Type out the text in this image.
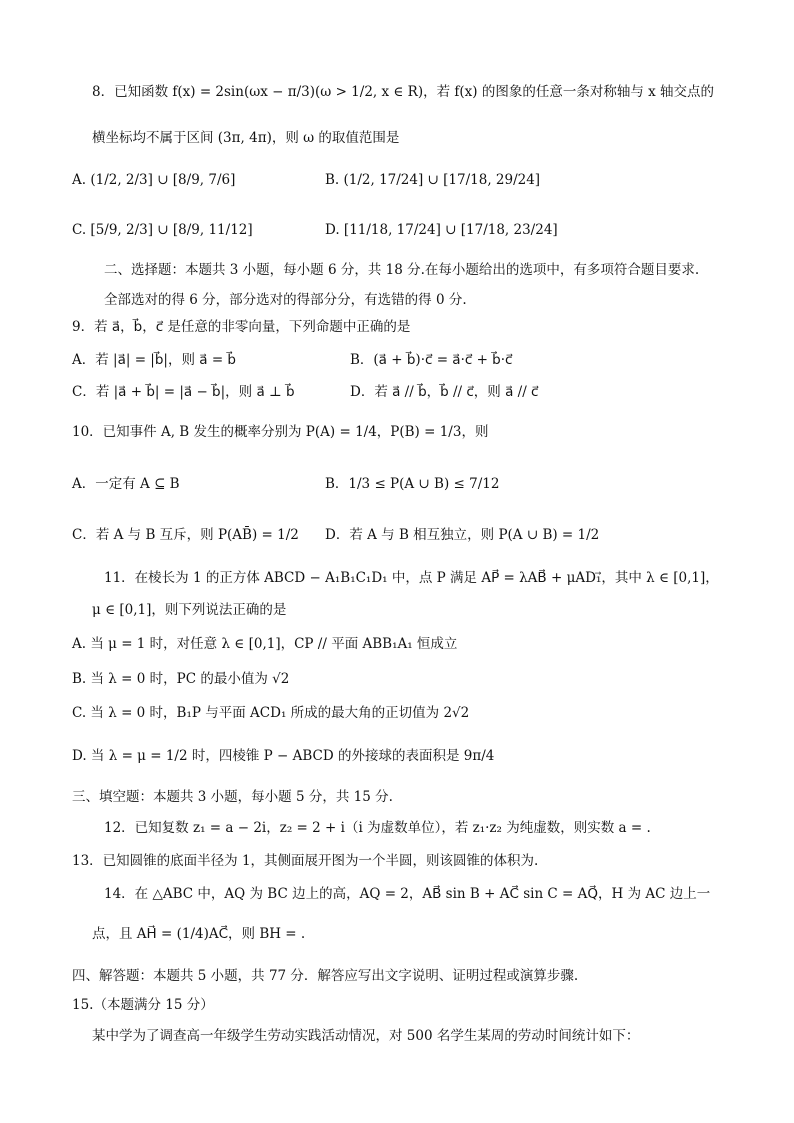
8．已知函数 f(x) = 2sin(ωx − π/3)(ω > 1/2, x ∈ R)，若 f(x) 的图象的任意一条对称轴与 x 轴交点的
横坐标均不属于区间 (3π, 4π)，则 ω 的取值范围是
A. (1/2, 2/3] ∪ [8/9, 7/6]	B. (1/2, 17/24] ∪ [17/18, 29/24]
C. [5/9, 2/3] ∪ [8/9, 11/12]	D. [11/18, 17/24] ∪ [17/18, 23/24]
二、选择题：本题共 3 小题，每小题 6 分，共 18 分.在每小题给出的选项中，有多项符合题目要求.
全部选对的得 6 分，部分选对的得部分分，有选错的得 0 分.
9．若 a⃗，b⃗，c⃗ 是任意的非零向量，下列命题中正确的是
A．若 |a⃗| = |b⃗|，则 a⃗ = b⃗	B．(a⃗ + b⃗)·c⃗ = a⃗·c⃗ + b⃗·c⃗
C．若 |a⃗ + b⃗| = |a⃗ − b⃗|，则 a⃗ ⊥ b⃗	D．若 a⃗ // b⃗，b⃗ // c⃗，则 a⃗ // c⃗
10．已知事件 A, B 发生的概率分别为 P(A) = 1/4，P(B) = 1/3，则
A．一定有 A ⊆ B	B．1/3 ≤ P(A ∪ B) ≤ 7/12
C．若 A 与 B 互斥，则 P(AB̄) = 1/2 D．若 A 与 B 相互独立，则 P(A ∪ B) = 1/2
11．在棱长为 1 的正方体 ABCD − A₁B₁C₁D₁ 中，点 P 满足 AP⃗ = λAB⃗ + μAD₁⃗，其中 λ ∈ [0,1]，
μ ∈ [0,1]，则下列说法正确的是
A. 当 μ = 1 时，对任意 λ ∈ [0,1]，CP // 平面 ABB₁A₁ 恒成立
B. 当 λ = 0 时，PC 的最小值为 √2
C. 当 λ = 0 时，B₁P 与平面 ACD₁ 所成的最大角的正切值为 2√2
D. 当 λ = μ = 1/2 时，四棱锥 P − ABCD 的外接球的表面积是 9π/4
三、填空题：本题共 3 小题，每小题 5 分，共 15 分.
12．已知复数 z₁ = a − 2i，z₂ = 2 + i（i 为虚数单位），若 z₁·z₂ 为纯虚数，则实数 a = .
13．已知圆锥的底面半径为 1，其侧面展开图为一个半圆，则该圆锥的体积为.
14．在 △ABC 中，AQ 为 BC 边上的高，AQ = 2，AB⃗ sin B + AC⃗ sin C = AQ⃗，H 为 AC 边上一
点，且 AH⃗ = (1/4)AC⃗，则 BH = .
四、解答题：本题共 5 小题，共 77 分．解答应写出文字说明、证明过程或演算步骤.
15.（本题满分 15 分）
某中学为了调查高一年级学生劳动实践活动情况，对 500 名学生某周的劳动时间统计如下：
